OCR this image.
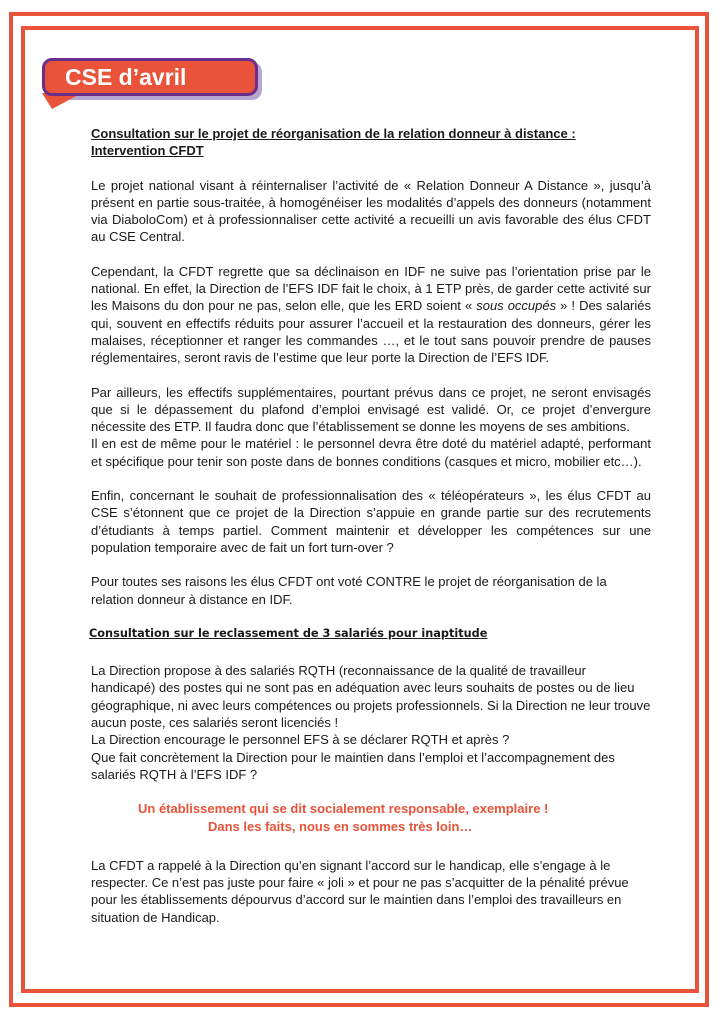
CSE d’avril
Consultation sur le projet de réorganisation de la relation donneur à distance : Intervention CFDT

Le projet national visant à réinternaliser l’activité de « Relation Donneur A Distance », jusqu’à présent en partie sous-traitée, à homogénéiser les modalités d’appels des donneurs (notamment via DiaboloCom) et à professionnaliser cette activité a recueilli un avis favorable des élus CFDT au CSE Central.

Cependant, la CFDT regrette que sa déclinaison en IDF ne suive pas l’orientation prise par le national. En effet, la Direction de l’EFS IDF fait le choix, à 1 ETP près, de garder cette activité sur les Maisons du don pour ne pas, selon elle, que les ERD soient « sous occupés » ! Des salariés qui, souvent en effectifs réduits pour assurer l’accueil et la restauration des donneurs, gérer les malaises, réceptionner et ranger les commandes …, et le tout sans pouvoir prendre de pauses réglementaires, seront ravis de l’estime que leur porte la Direction de l’EFS IDF.

Par ailleurs, les effectifs supplémentaires, pourtant prévus dans ce projet, ne seront envisagés que si le dépassement du plafond d’emploi envisagé est validé. Or, ce projet d’envergure nécessite des ETP. Il faudra donc que l’établissement se donne les moyens de ses ambitions.

Il en est de même pour le matériel : le personnel devra être doté du matériel adapté, performant et spécifique pour tenir son poste dans de bonnes conditions (casques et micro, mobilier etc…).

Enfin, concernant le souhait de professionnalisation des « téléopérateurs », les élus CFDT au CSE s’étonnent que ce projet de la Direction s’appuie en grande partie sur des recrutements d’étudiants à temps partiel. Comment maintenir et développer les compétences sur une population temporaire avec de fait un fort turn-over ?

Pour toutes ses raisons les élus CFDT ont voté CONTRE le projet de réorganisation de la relation donneur à distance en IDF.

Consultation sur le reclassement de 3 salariés pour inaptitude

La Direction propose à des salariés RQTH (reconnaissance de la qualité de travailleur handicapé) des postes qui ne sont pas en adéquation avec leurs souhaits de postes ou de lieu géographique, ni avec leurs compétences ou projets professionnels. Si la Direction ne leur trouve aucun poste, ces salariés seront licenciés !

La Direction encourage le personnel EFS à se déclarer RQTH et après ?

Que fait concrètement la Direction pour le maintien dans l’emploi et l’accompagnement des salariés RQTH à l’EFS IDF ?

Un établissement qui se dit socialement responsable, exemplaire !
Dans les faits, nous en sommes très loin…

La CFDT a rappelé à la Direction qu’en signant l’accord sur le handicap, elle s’engage à le respecter. Ce n’est pas juste pour faire « joli » et pour ne pas s’acquitter de la pénalité prévue pour les établissements dépourvus d’accord sur le maintien dans l’emploi des travailleurs en situation de Handicap.
